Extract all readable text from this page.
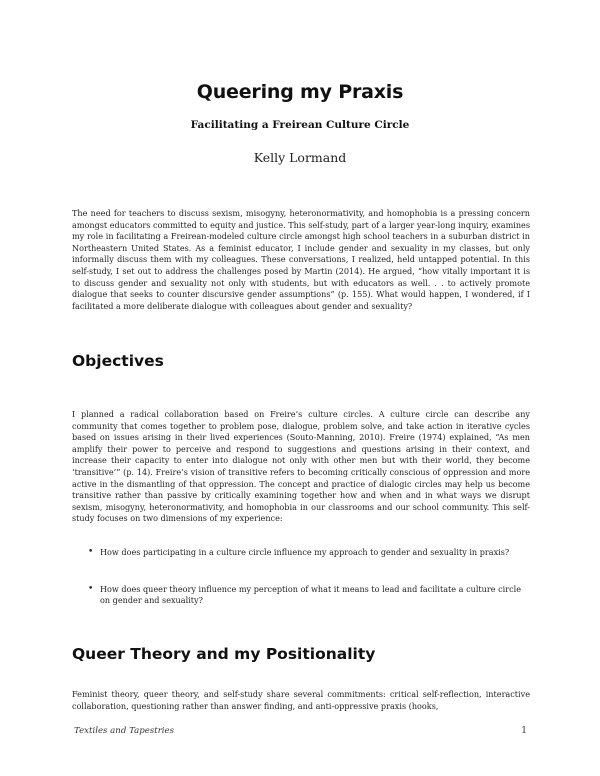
Queering my Praxis
Facilitating a Freirean Culture Circle
Kelly Lormand

The need for teachers to discuss sexism, misogyny, heteronormativity, and homophobia is a pressing concern amongst educators committed to equity and justice. This self-study, part of a larger year-long inquiry, examines my role in facilitating a Freirean-modeled culture circle amongst high school teachers in a suburban district in Northeastern United States. As a feminist educator, I include gender and sexuality in my classes, but only informally discuss them with my colleagues. These conversations, I realized, held untapped potential. In this self-study, I set out to address the challenges posed by Martin (2014). He argued, “how vitally important it is to discuss gender and sexuality not only with students, but with educators as well. . . to actively promote dialogue that seeks to counter discursive gender assumptions” (p. 155). What would happen, I wondered, if I facilitated a more deliberate dialogue with colleagues about gender and sexuality?

Objectives

I planned a radical collaboration based on Freire’s culture circles. A culture circle can describe any community that comes together to problem pose, dialogue, problem solve, and take action in iterative cycles based on issues arising in their lived experiences (Souto-Manning, 2010). Freire (1974) explained, “As men amplify their power to perceive and respond to suggestions and questions arising in their context, and increase their capacity to enter into dialogue not only with other men but with their world, they become ‘transitive’” (p. 14). Freire’s vision of transitive refers to becoming critically conscious of oppression and more active in the dismantling of that oppression. The concept and practice of dialogic circles may help us become transitive rather than passive by critically examining together how and when and in what ways we disrupt sexism, misogyny, heteronormativity, and homophobia in our classrooms and our school community. This self-study focuses on two dimensions of my experience:

• How does participating in a culture circle influence my approach to gender and sexuality in praxis?
• How does queer theory influence my perception of what it means to lead and facilitate a culture circle on gender and sexuality?
Queer Theory and my Positionality

Feminist theory, queer theory, and self-study share several commitments: critical self-reflection, interactive collaboration, questioning rather than answer finding, and anti-oppressive praxis (hooks,

Textiles and Tapestries	1
